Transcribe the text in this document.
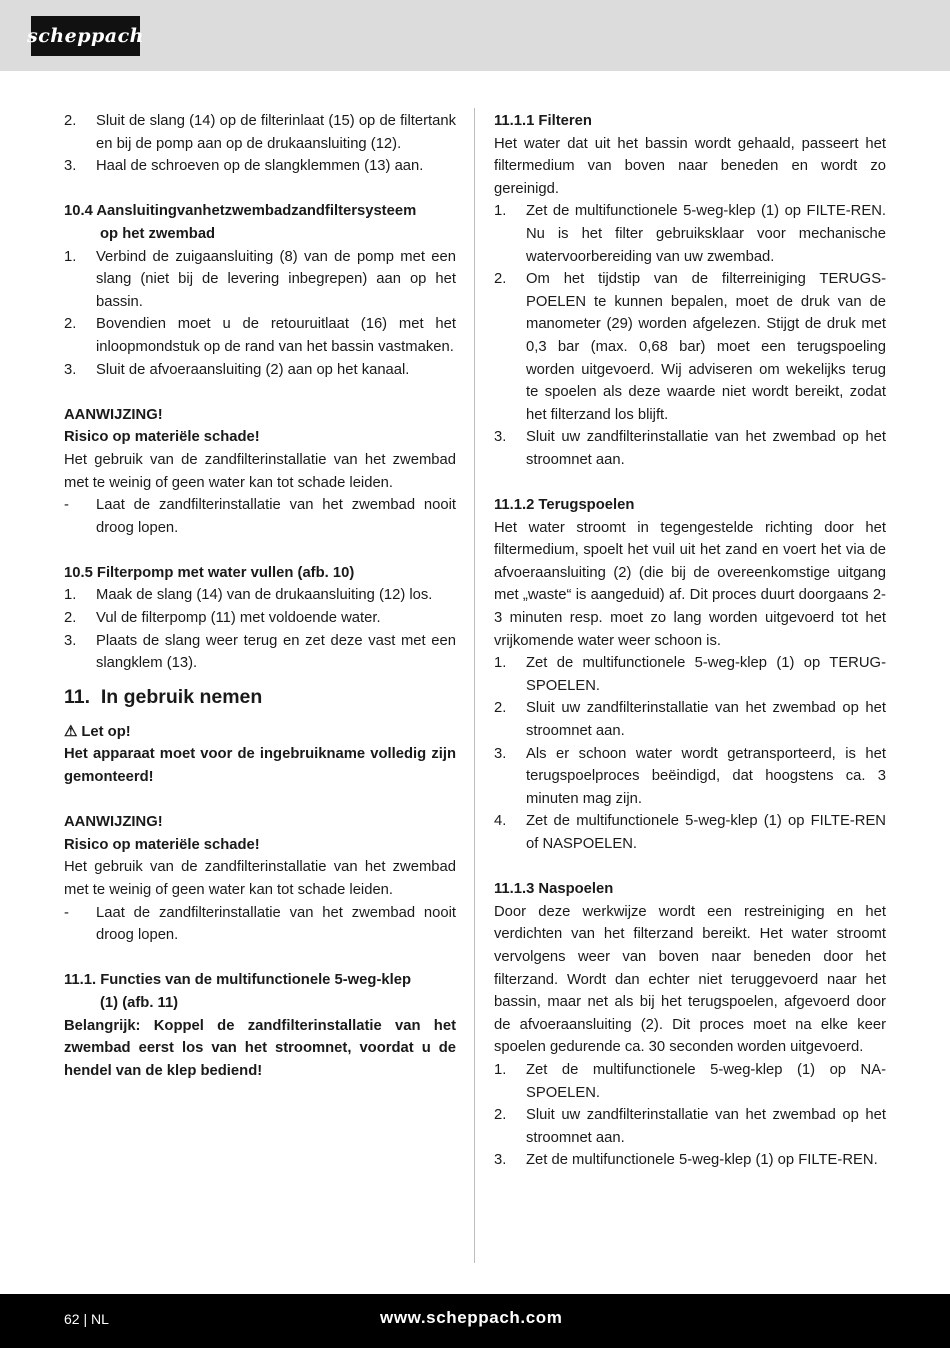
scheppach
2.	Sluit de slang (14) op de filterinlaat (15) op de filtertank en bij de pomp aan op de drukaansluiting (12).
3.	Haal de schroeven op de slangklemmen (13) aan.
10.4 Aansluitingvanhetzwembadzandfiltersysteem
op het zwembad
1.	Verbind de zuigaansluiting (8) van de pomp met een slang (niet bij de levering inbegrepen) aan op het bassin.
2.	Bovendien moet u de retouruitlaat (16) met het inloopmondstuk op de rand van het bassin vastmaken.
3.	Sluit de afvoeraansluiting (2) aan op het kanaal.

AANWIJZING!

Risico op materiële schade!

Het gebruik van de zandfilterinstallatie van het zwembad met te weinig of geen water kan tot schade leiden.

-	Laat de zandfilterinstallatie van het zwembad nooit droog lopen.

10.5 Filterpomp met water vullen (afb. 10)

1.	Maak de slang (14) van de drukaansluiting (12) los.
2.	Vul de filterpomp (11) met voldoende water.
3.	Plaats de slang weer terug en zet deze vast met een slangklem (13).
11.  In gebruik nemen

⚠ Let op!

Het apparaat moet voor de ingebruikname volledig zijn gemonteerd!

AANWIJZING!

Risico op materiële schade!

Het gebruik van de zandfilterinstallatie van het zwembad met te weinig of geen water kan tot schade leiden.

-	Laat de zandfilterinstallatie van het zwembad nooit droog lopen.

11.1. Functies van de multifunctionele 5-weg-klep

(1) (afb. 11)

Belangrijk: Koppel de zandfilterinstallatie van het zwembad eerst los van het stroomnet, voordat u de hendel van de klep bediend!

11.1.1 Filteren

Het water dat uit het bassin wordt gehaald, passeert het filtermedium van boven naar beneden en wordt zo gereinigd.

1.	Zet de multifunctionele 5-weg-klep (1) op FILTE-REN. Nu is het filter gebruiksklaar voor mechanische watervoorbereiding van uw zwembad.
2.	Om het tijdstip van de filterreiniging TERUGS-POELEN te kunnen bepalen, moet de druk van de manometer (29) worden afgelezen. Stijgt de druk met 0,3 bar (max. 0,68 bar) moet een terugspoeling worden uitgevoerd. Wij adviseren om wekelijks terug te spoelen als deze waarde niet wordt bereikt, zodat het filterzand los blijft.
3.	Sluit uw zandfilterinstallatie van het zwembad op het stroomnet aan.

11.1.2 Terugspoelen

Het water stroomt in tegengestelde richting door het filtermedium, spoelt het vuil uit het zand en voert het via de afvoeraansluiting (2) (die bij de overeenkomstige uitgang met „waste“ is aangeduid) af. Dit proces duurt doorgaans 2-3 minuten resp. moet zo lang worden uitgevoerd tot het vrijkomende water weer schoon is.

1.	Zet de multifunctionele 5-weg-klep (1) op TERUG-SPOELEN.
2.	Sluit uw zandfilterinstallatie van het zwembad op het stroomnet aan.
3.	Als er schoon water wordt getransporteerd, is het terugspoelproces beëindigd, dat hoogstens ca. 3 minuten mag zijn.
4.	Zet de multifunctionele 5-weg-klep (1) op FILTE-REN of NASPOELEN.

11.1.3 Naspoelen

Door deze werkwijze wordt een restreiniging en het verdichten van het filterzand bereikt. Het water stroomt vervolgens weer van boven naar beneden door het filterzand. Wordt dan echter niet teruggevoerd naar het bassin, maar net als bij het terugspoelen, afgevoerd door de afvoeraansluiting (2). Dit proces moet na elke keer spoelen gedurende ca. 30 seconden worden uitgevoerd.

1.	Zet de multifunctionele 5-weg-klep (1) op NA-SPOELEN.
2.	Sluit uw zandfilterinstallatie van het zwembad op het stroomnet aan.
3.	Zet de multifunctionele 5-weg-klep (1) op FILTE-REN.
62 | NL	www.scheppach.com
